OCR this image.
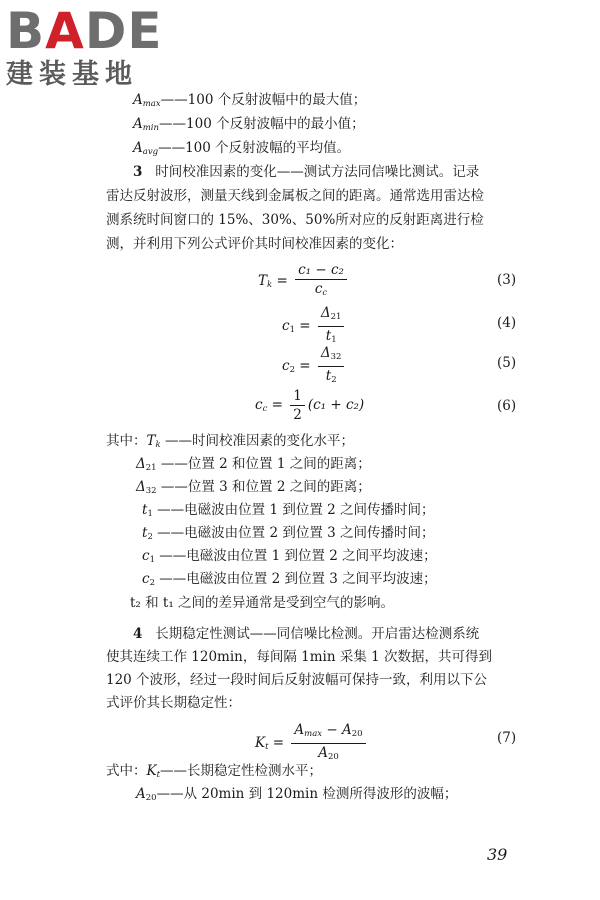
B A DE
建装基地
$A_{max}——100$ 个反射波幅中的最大值；
$A_{min}——100$ 个反射波幅中的最小值；
$A_{avg}——100$ 个反射波幅的平均值。
3 时间校准因素的变化——测试方法同信噪比测试。记录
雷达反射波形，测量天线到金属板之间的距离。通常选用雷达检
测系统时间窗口的 15%、30%、50%所对应的反射距离进行检
测，并利用下列公式评价其时间校准因素的变化：
$T_k = \frac{\text{c₁ − c₂}}{c_c}$	(3)
$c_1 = \frac{\Delta_{21}}{t_1}$	(4)
$c_2 = \frac{\Delta_{32}}{t_2}$	(5)
$c_c = \frac{1}{2} (c_1 + c_2)$	(6)
其中：$T_k$ ——时间校准因素的变化水平；
$\Delta_{21}$ ——位置 2 和位置 1 之间的距离；
$\Delta_{32}$ ——位置 3 和位置 2 之间的距离；
$t_1$ ——电磁波由位置 1 到位置 2 之间传播时间；
$t_2$ ——电磁波由位置 2 到位置 3 之间传播时间；
$c_1$ ——电磁波由位置 1 到位置 2 之间平均波速；
$c_2$ ——电磁波由位置 2 到位置 3 之间平均波速；
t₂ 和 t₁ 之间的差异通常是受到空气的影响。
4 长期稳定性测试——同信噪比检测。开启雷达检测系统
使其连续工作 120min，每间隔 1min 采集 1 次数据，共可得到
120 个波形，经过一段时间后反射波幅可保持一致，利用以下公
式评价其长期稳定性：
$K_t = \frac{A_{max} - A_{20}}{A_{20}}$	(7)
式中：$K_t——$长期稳定性检测水平；
$A_{20}——$从 20min 到 120min 检测所得波形的波幅；
39
